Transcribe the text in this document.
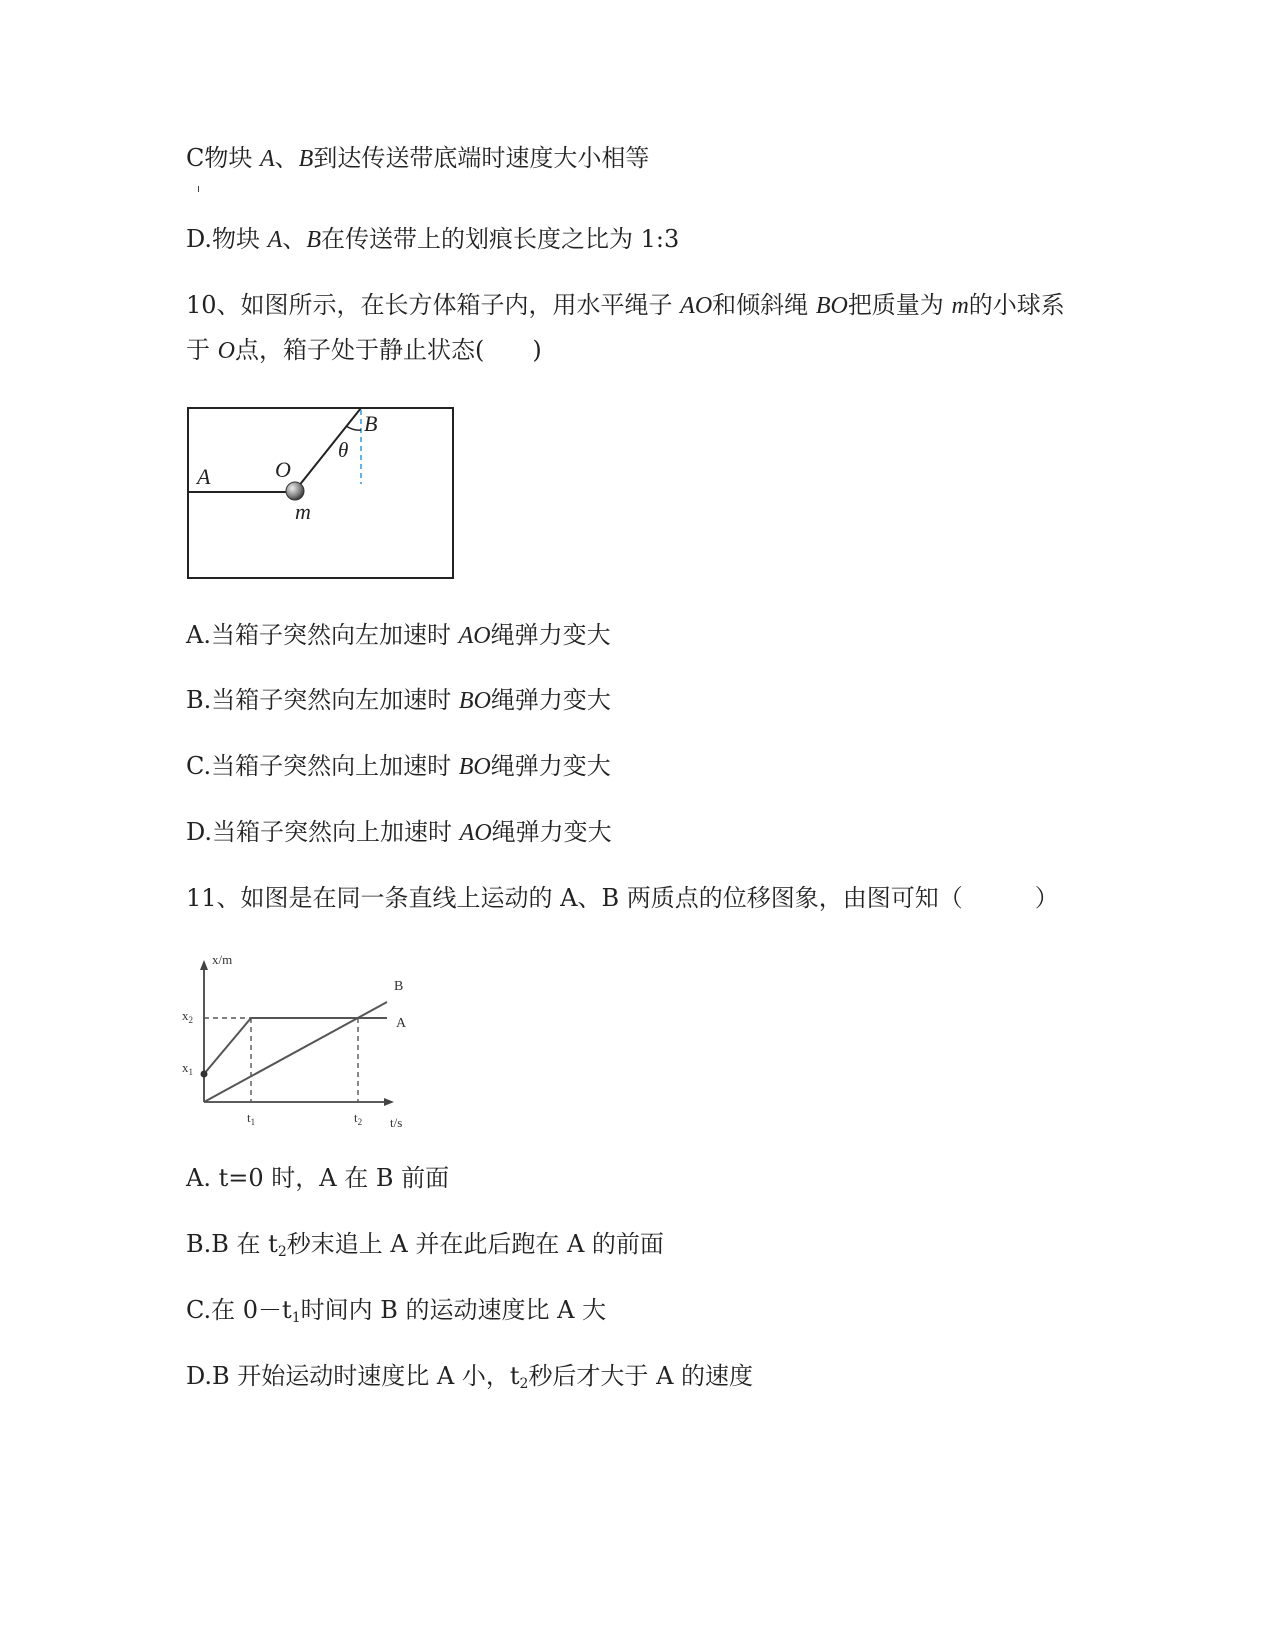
C物块 A、B到达传送带底端时速度大小相等
D.物块 A、B在传送带上的划痕长度之比为 1:3
10、如图所示，在长方体箱子内，用水平绳子 AO和倾斜绳 BO把质量为 m的小球系
于 O点，箱子处于静止状态(　　)
A	O
B
θ
m
A.当箱子突然向左加速时 AO绳弹力变大
B.当箱子突然向左加速时 BO绳弹力变大
C.当箱子突然向上加速时 BO绳弹力变大
D.当箱子突然向上加速时 AO绳弹力变大
11、如图是在同一条直线上运动的 A、B 两质点的位移图象，由图可知（　　　）
x/m
t/s
$x_2$
$x_1$
$t_1$	$t_2$
B
A
A. t=0 时，A 在 B 前面
B.B 在 $t_2$秒末追上 A 并在此后跑在 A 的前面
C.在 $0-t_1$时间内 B 的运动速度比 A 大
D.B 开始运动时速度比 A 小，$t_2$秒后才大于 A 的速度
